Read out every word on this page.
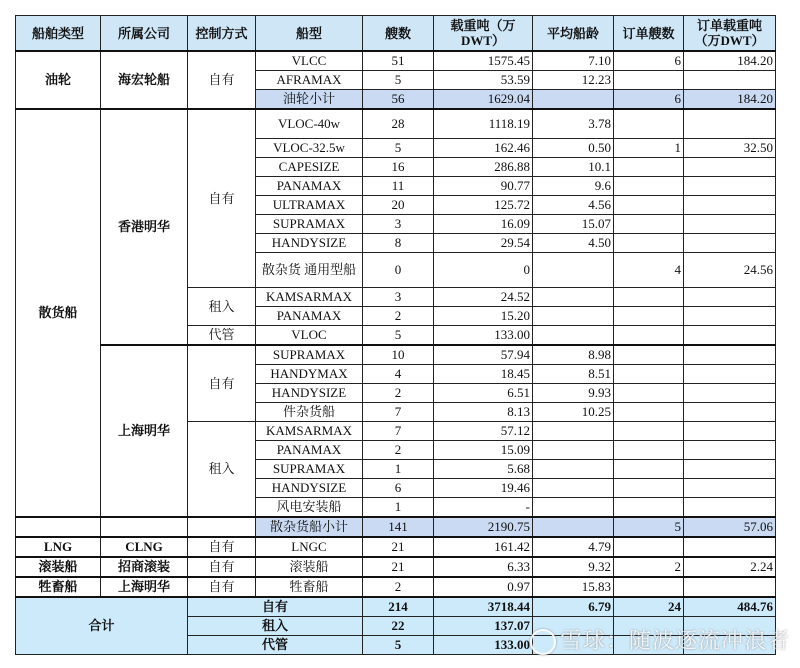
船舶类型	所属公司	控制方式	船型	艘数	载重吨（万DWT）	平均船龄	订单艘数	订单载重吨（万DWT）
油轮	海宏轮船	自有	VLCC	51	1575.45	7.10	6	184.20
			AFRAMAX	5	53.59	12.23		
			油轮小计	56	1629.04		6	184.20
散货船	香港明华	自有	VLOC-40w	28	1118.19	3.78		
			VLOC-32.5w	5	162.46	0.50	1	32.50
			CAPESIZE	16	286.88	10.1		
			PANAMAX	11	90.77	9.6		
			ULTRAMAX	20	125.72	4.56		
			SUPRAMAX	3	16.09	15.07		
			HANDYSIZE	8	29.54	4.50		
			散杂货 通用型船	0	0		4	24.56
		租入	KAMSARMAX	3	24.52			
			PANAMAX	2	15.20			
		代管	VLOC	5	133.00			
	上海明华	自有	SUPRAMAX	10	57.94	8.98		
			HANDYMAX	4	18.45	8.51		
			HANDYSIZE	2	6.51	9.93		
			件杂货船	7	8.13	10.25		
		租入	KAMSARMAX	7	57.12			
			PANAMAX	2	15.09			
			SUPRAMAX	1	5.68			
			HANDYSIZE	6	19.46			
			风电安装船	1	-			
			散杂货船小计	141	2190.75		5	57.06
LNG	CLNG	自有	LNGC	21	161.42	4.79		
滚装船	招商滚装	自有	滚装船	21	6.33	9.32	2	2.24
牲畜船	上海明华	自有	牲畜船	2	0.97	15.83		
合计		自有		214	3718.44	6.79	24	484.76
		租入		22	137.07			
		代管		5	133.00				雪球：随波逐流冲浪者
